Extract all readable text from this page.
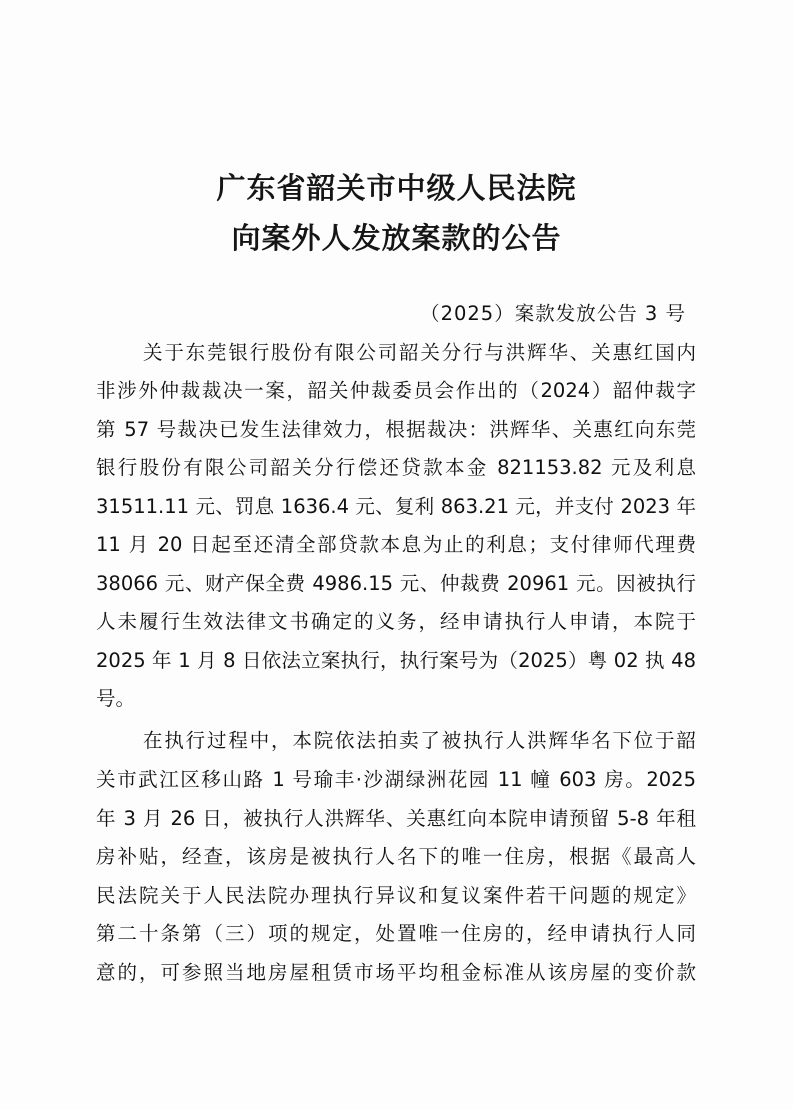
广东省韶关市中级人民法院
向案外人发放案款的公告
（2025）案款发放公告 3 号
关于东莞银行股份有限公司韶关分行与洪辉华、关惠红国内
非涉外仲裁裁决一案，韶关仲裁委员会作出的（2024）韶仲裁字
第 57 号裁决已发生法律效力，根据裁决：洪辉华、关惠红向东莞
银行股份有限公司韶关分行偿还贷款本金 821153.82 元及利息
31511.11 元、罚息 1636.4 元、复利 863.21 元，并支付 2023 年
11 月 20 日起至还清全部贷款本息为止的利息；支付律师代理费
38066 元、财产保全费 4986.15 元、仲裁费 20961 元。因被执行
人未履行生效法律文书确定的义务，经申请执行人申请，本院于
2025 年 1 月 8 日依法立案执行，执行案号为（2025）粤 02 执 48
号。
在执行过程中，本院依法拍卖了被执行人洪辉华名下位于韶
关市武江区移山路 1 号瑜丰·沙湖绿洲花园 11 幢 603 房。2025
年 3 月 26 日，被执行人洪辉华、关惠红向本院申请预留 5-8 年租
房补贴，经查，该房是被执行人名下的唯一住房，根据《最高人
民法院关于人民法院办理执行异议和复议案件若干问题的规定》
第二十条第（三）项的规定，处置唯一住房的，经申请执行人同
意的，可参照当地房屋租赁市场平均租金标准从该房屋的变价款
